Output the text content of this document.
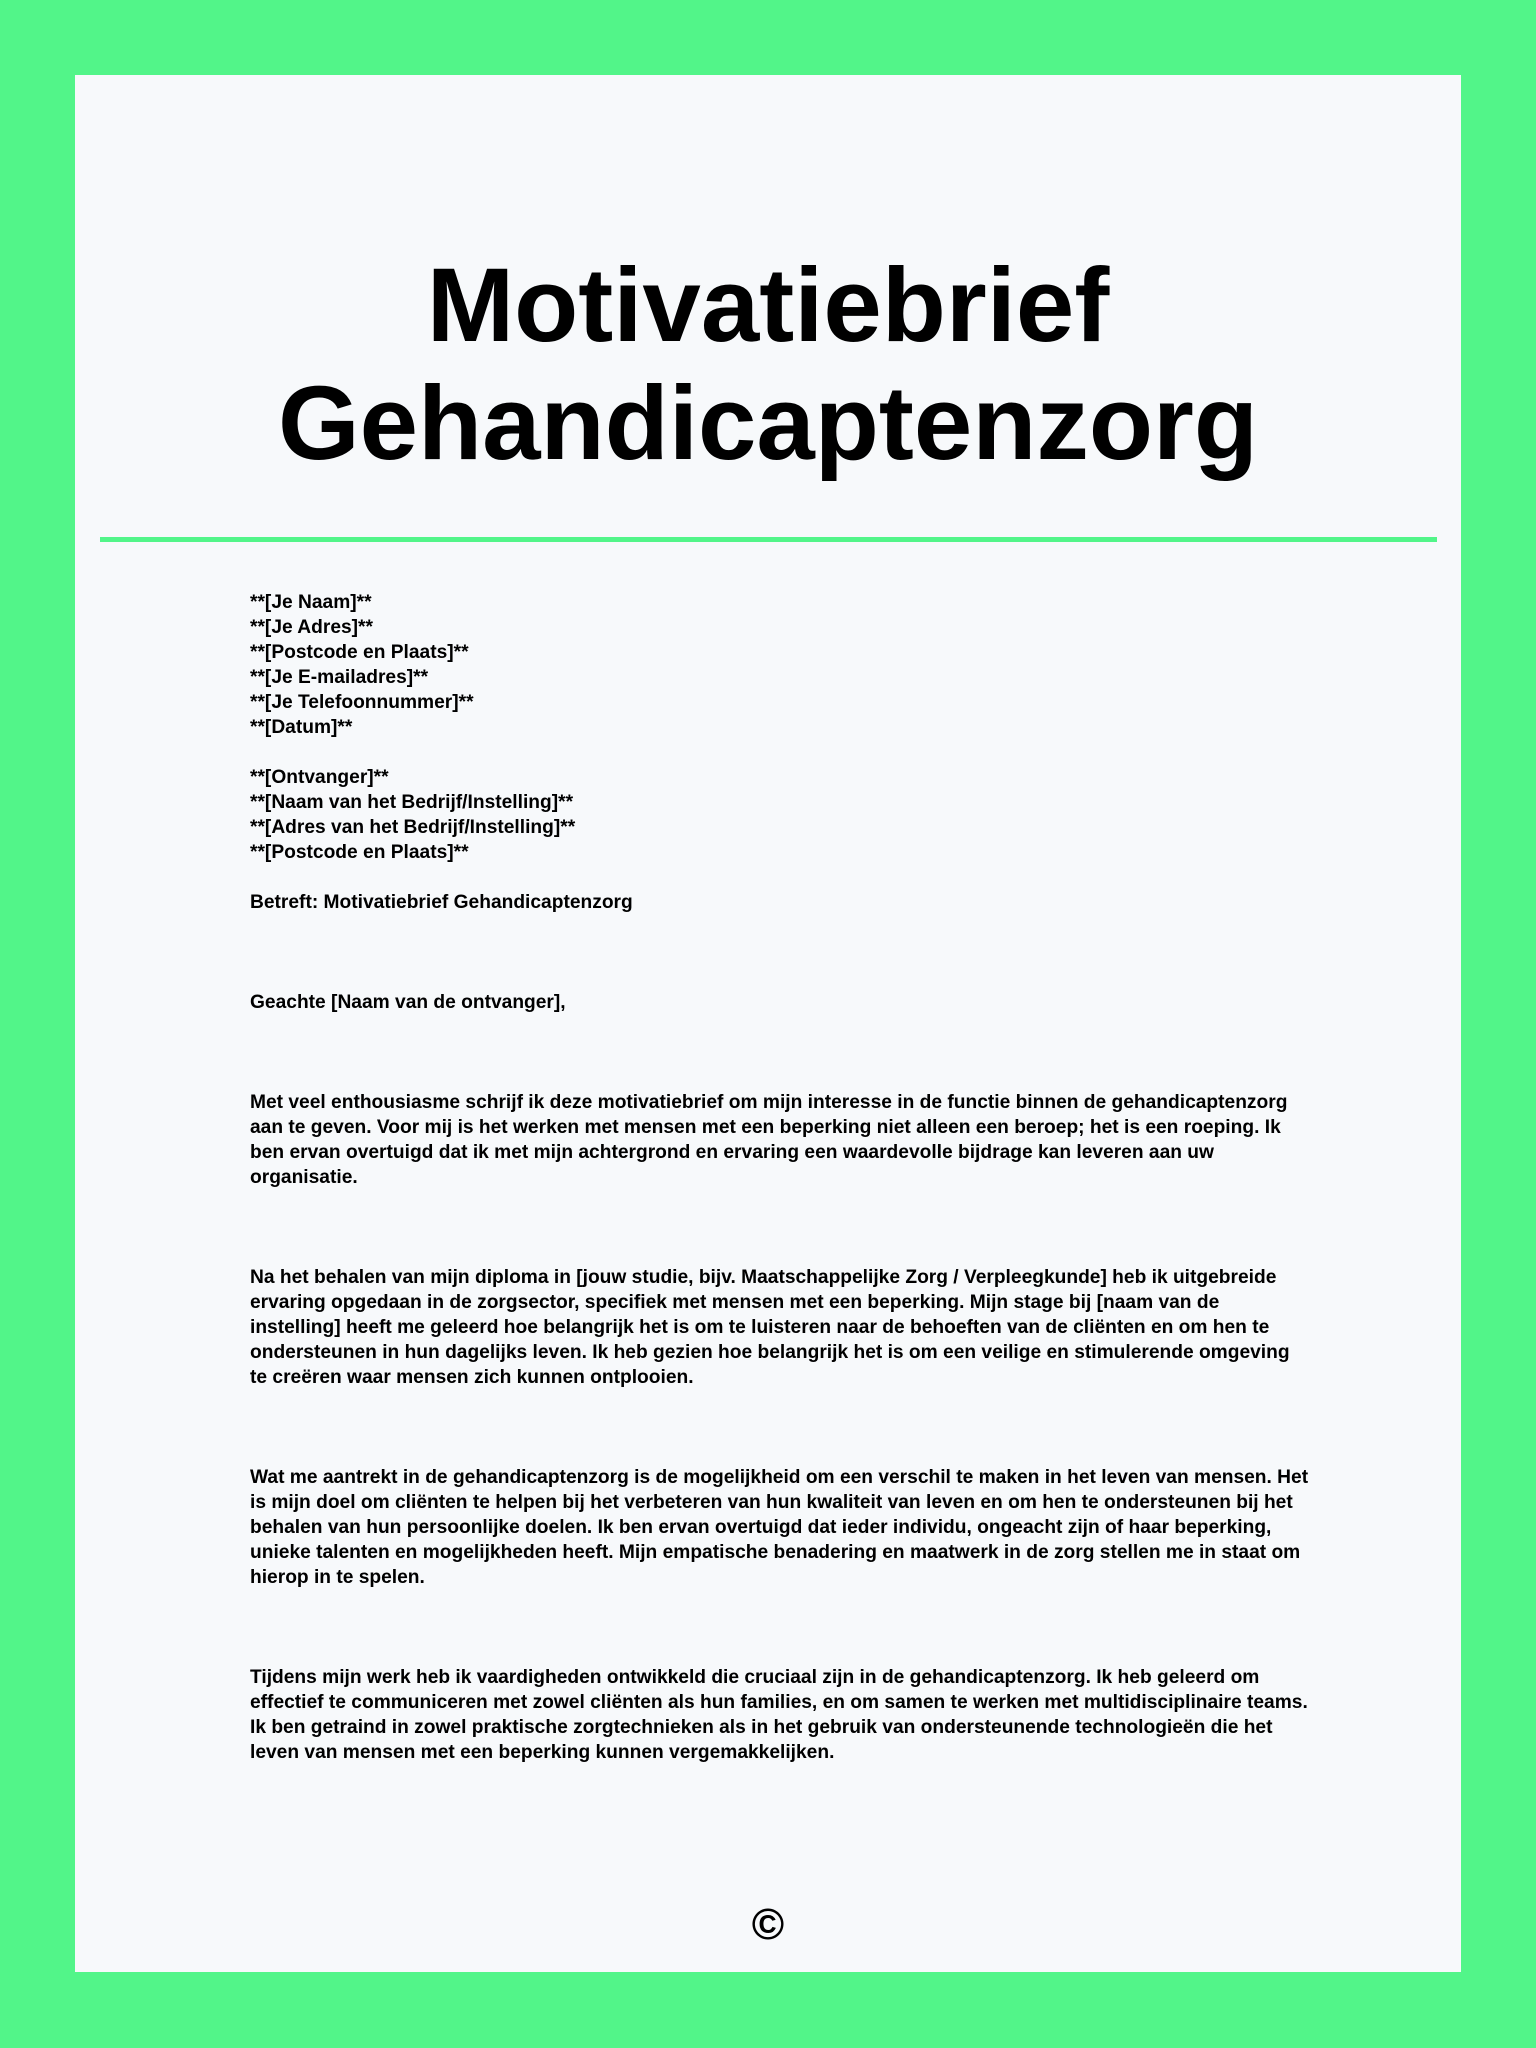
Motivatiebrief
Gehandicaptenzorg

**[Je Naam]**

**[Je Adres]**

**[Postcode en Plaats]**

**[Je E-mailadres]**

**[Je Telefoonnummer]**

**[Datum]**

**[Ontvanger]**

**[Naam van het Bedrijf/Instelling]**

**[Adres van het Bedrijf/Instelling]**

**[Postcode en Plaats]**

Betreft: Motivatiebrief Gehandicaptenzorg

Geachte [Naam van de ontvanger],

Met veel enthousiasme schrijf ik deze motivatiebrief om mijn interesse in de functie binnen de gehandicaptenzorg aan te geven. Voor mij is het werken met mensen met een beperking niet alleen een beroep; het is een roeping. Ik ben ervan overtuigd dat ik met mijn achtergrond en ervaring een waardevolle bijdrage kan leveren aan uw organisatie.

Na het behalen van mijn diploma in [jouw studie, bijv. Maatschappelijke Zorg / Verpleegkunde] heb ik uitgebreide ervaring opgedaan in de zorgsector, specifiek met mensen met een beperking. Mijn stage bij [naam van de instelling] heeft me geleerd hoe belangrijk het is om te luisteren naar de behoeften van de cliënten en om hen te ondersteunen in hun dagelijks leven. Ik heb gezien hoe belangrijk het is om een veilige en stimulerende omgeving te creëren waar mensen zich kunnen ontplooien.

Wat me aantrekt in de gehandicaptenzorg is de mogelijkheid om een verschil te maken in het leven van mensen. Het is mijn doel om cliënten te helpen bij het verbeteren van hun kwaliteit van leven en om hen te ondersteunen bij het behalen van hun persoonlijke doelen. Ik ben ervan overtuigd dat ieder individu, ongeacht zijn of haar beperking, unieke talenten en mogelijkheden heeft. Mijn empatische benadering en maatwerk in de zorg stellen me in staat om hierop in te spelen.

Tijdens mijn werk heb ik vaardigheden ontwikkeld die cruciaal zijn in de gehandicaptenzorg. Ik heb geleerd om effectief te communiceren met zowel cliënten als hun families, en om samen te werken met multidisciplinaire teams. Ik ben getraind in zowel praktische zorgtechnieken als in het gebruik van ondersteunende technologieën die het leven van mensen met een beperking kunnen vergemakkelijken.

©
